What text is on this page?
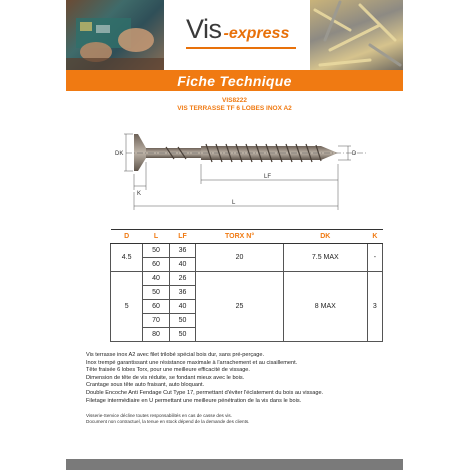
Vis -express
Fiche Technique
VIS8222
VIS TERRASSE TF 6 LOBES INOX A2
DK	D
K
LF
L
D	L	LF	TORX N°	DK	K
4.5	50	36	20	7.5 MAX	-
	60	40			
5	40	26	25	8 MAX	3
	50	36			
	60	40			
	70	50			
	80	50			

Vis terrasse inox A2 avec filet trilobé spécial bois dur, sans pré-perçage.

Inox trempé garantissant une résistance maximale à l'arrachement et au cisaillement.

Tête fraisée 6 lobes Torx, pour une meilleure efficacité de vissage.

Dimension de tête de vis réduite, se fondant mieux avec le bois.

Crantage sous tête auto fraisant, auto bloquant.

Double Encoche Anti Fendage Cut Type 17, permettant d'éviter l'éclatement du bois au vissage.

Filetage intermédiaire en U permettant une meilleure pénétration de la vis dans le bois.

Visserie-Service décline toutes responsabilités en cas de casse des vis.

Document non contractuel, la tenue en stock dépend de la demande des clients.
